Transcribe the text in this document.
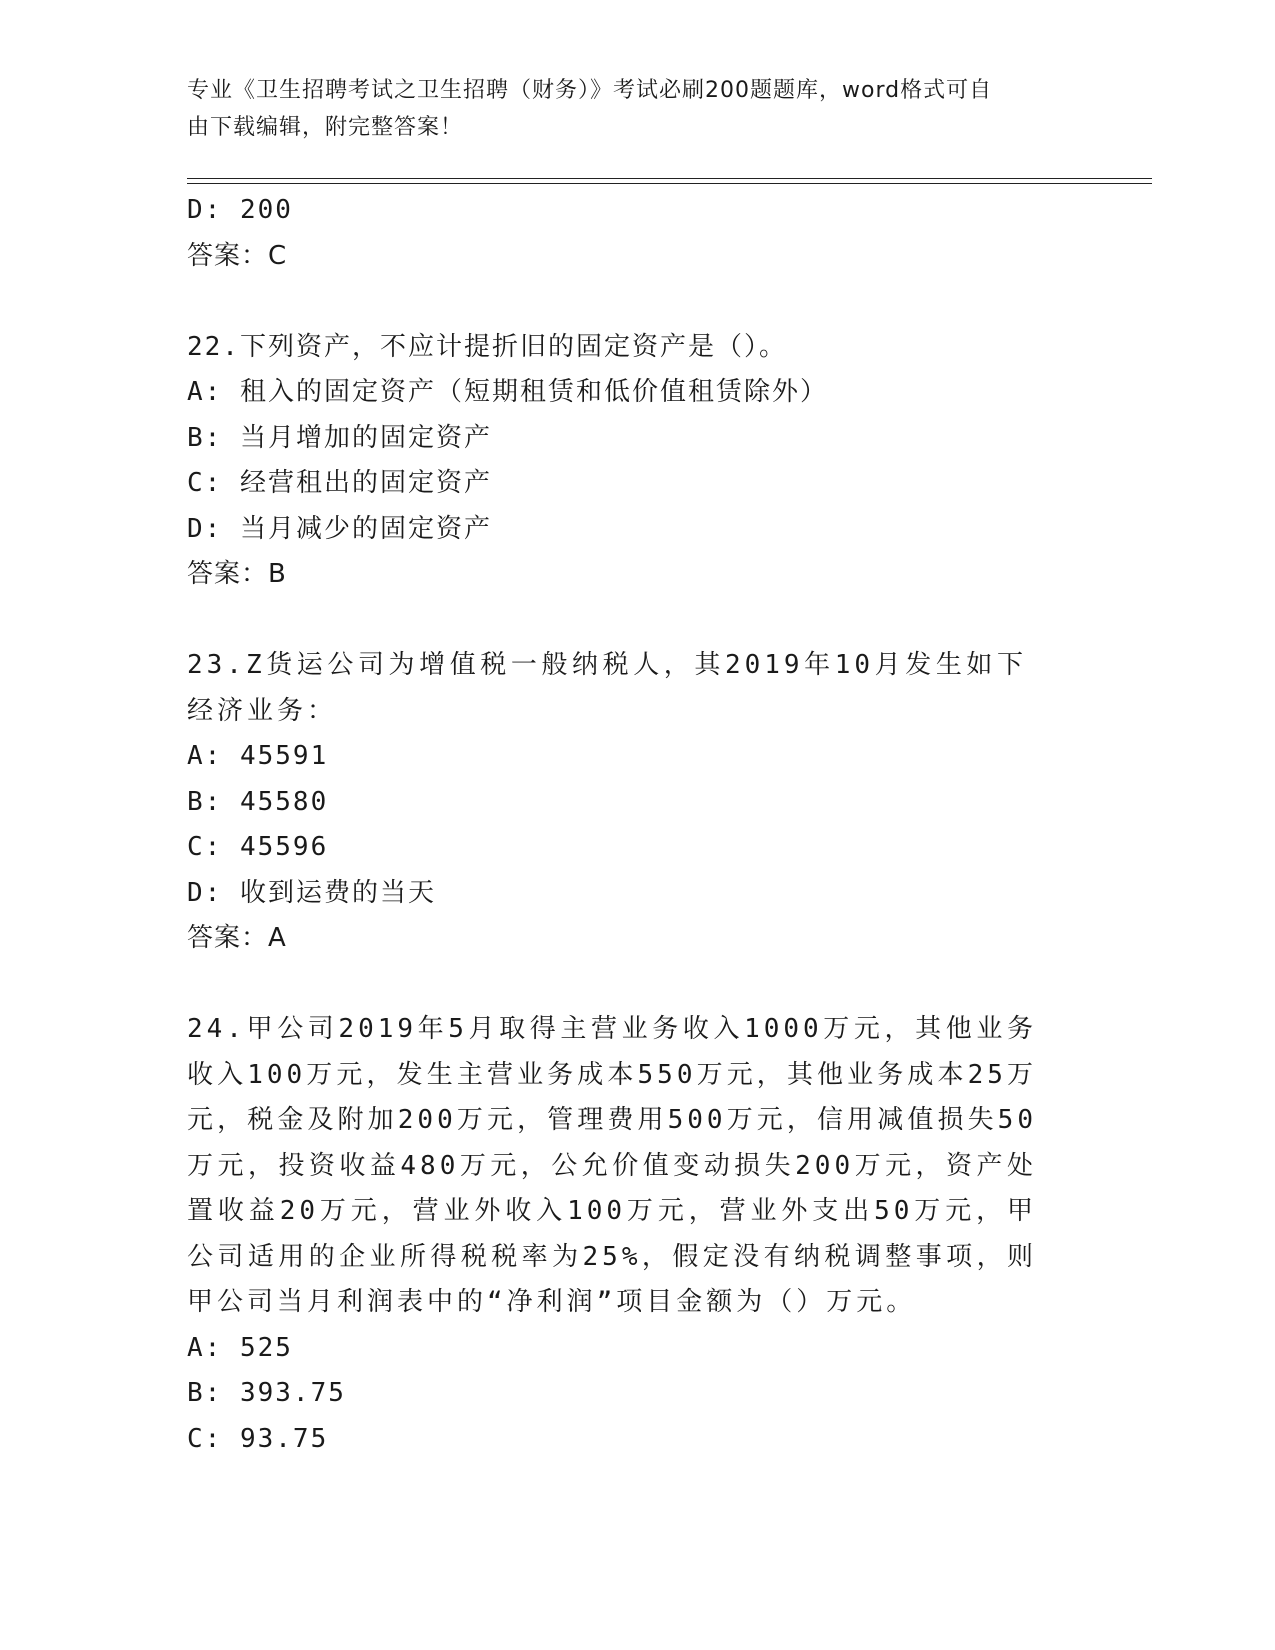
专业《卫生招聘考试之卫生招聘（财务）》考试必刷200题题库，word格式可自
由下载编辑，附完整答案！
D: 200
答案：C
22.下列资产，不应计提折旧的固定资产是（）。
A: 租入的固定资产（短期租赁和低价值租赁除外）
B: 当月增加的固定资产
C: 经营租出的固定资产
D: 当月减少的固定资产
答案：B
23.Z货运公司为增值税一般纳税人，其2019年10月发生如下经济业务：
A: 45591
B: 45580
C: 45596
D: 收到运费的当天
答案：A
24.甲公司2019年5月取得主营业务收入1000万元，其他业务收入100万元，发生主营业务成本550万元，其他业务成本25万元，税金及附加200万元，管理费用500万元，信用减值损失50万元，投资收益480万元，公允价值变动损失200万元，资产处置收益20万元，营业外收入100万元，营业外支出50万元，甲公司适用的企业所得税税率为25%，假定没有纳税调整事项，则甲公司当月利润表中的“净利润”项目金额为（）万元。
A: 525
B: 393.75
C: 93.75
